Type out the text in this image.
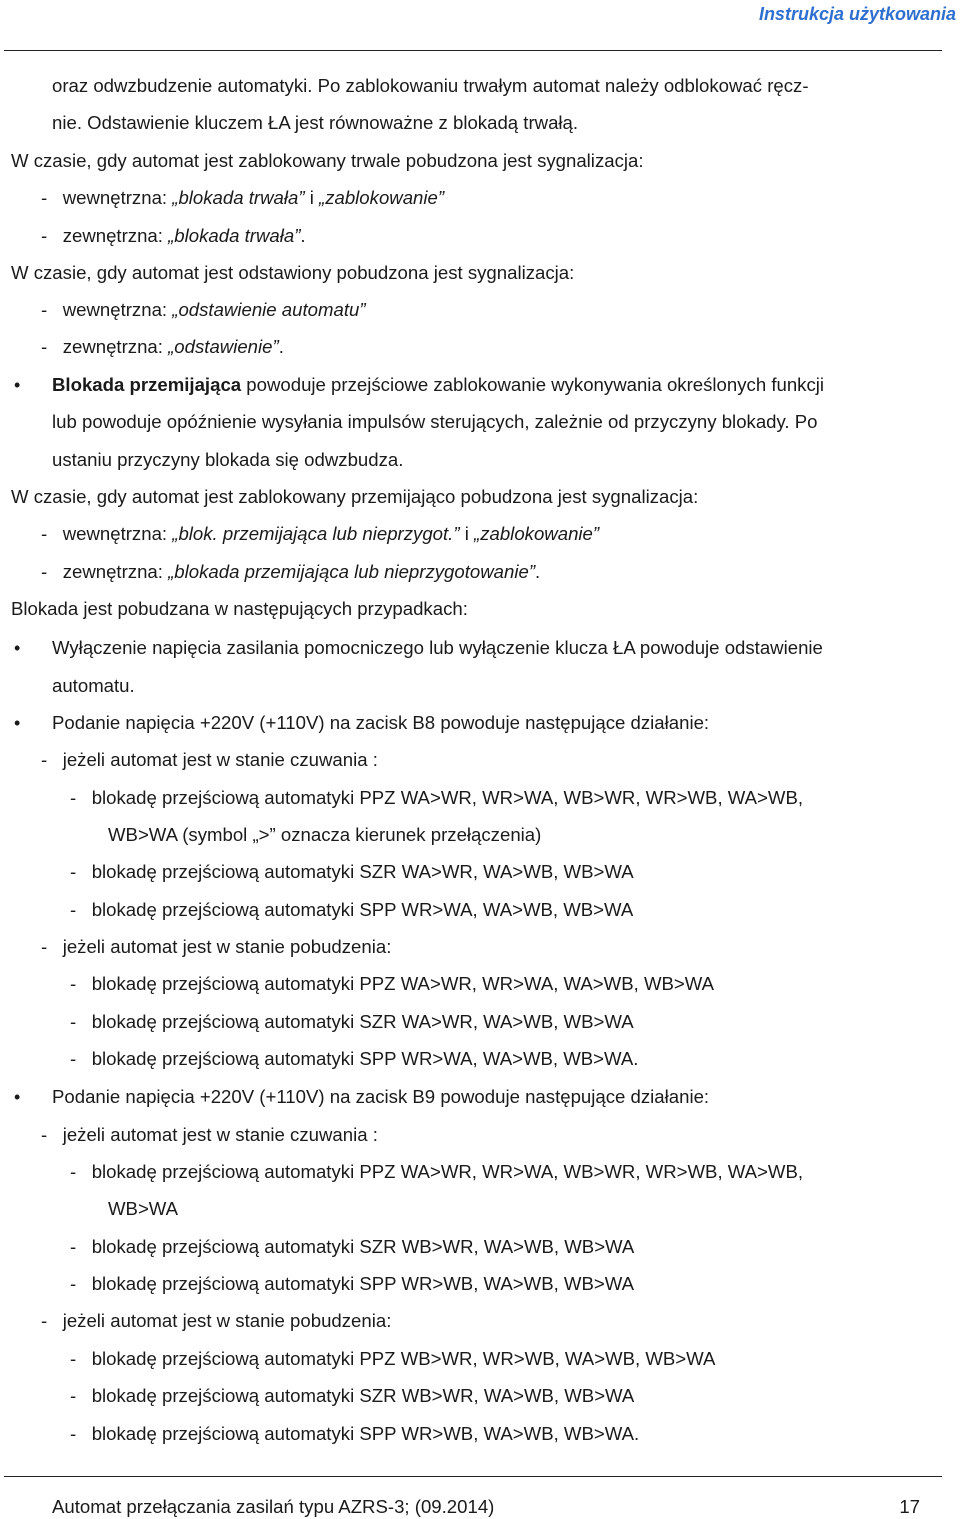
Instrukcja użytkowania
oraz odwzbudzenie automatyki. Po zablokowaniu trwałym automat należy odblokować ręcz-
nie. Odstawienie kluczem ŁA jest równoważne z blokadą trwałą.
W czasie, gdy automat jest zablokowany trwale pobudzona jest sygnalizacja:
-   wewnętrzna: „blokada trwała” i „zablokowanie”
-   zewnętrzna: „blokada trwała”.
W czasie, gdy automat jest odstawiony pobudzona jest sygnalizacja:
-   wewnętrzna: „odstawienie automatu”
-   zewnętrzna: „odstawienie”.
• Blokada przemijająca powoduje przejściowe zablokowanie wykonywania określonych funkcji
lub powoduje opóźnienie wysyłania impulsów sterujących, zależnie od przyczyny blokady. Po
ustaniu przyczyny blokada się odwzbudza.
W czasie, gdy automat jest zablokowany przemijająco pobudzona jest sygnalizacja:
-   wewnętrzna: „blok. przemijająca lub nieprzygot.” i „zablokowanie”
-   zewnętrzna: „blokada przemijająca lub nieprzygotowanie”.
Blokada jest pobudzana w następujących przypadkach:
• Wyłączenie napięcia zasilania pomocniczego lub wyłączenie klucza ŁA powoduje odstawienie
automatu.
• Podanie napięcia +220V (+110V) na zacisk B8 powoduje następujące działanie:
-   jeżeli automat jest w stanie czuwania :
-   blokadę przejściową automatyki PPZ WA>WR, WR>WA, WB>WR, WR>WB, WA>WB,
WB>WA (symbol „>” oznacza kierunek przełączenia)
-   blokadę przejściową automatyki SZR WA>WR, WA>WB, WB>WA
-   blokadę przejściową automatyki SPP WR>WA, WA>WB, WB>WA
-   jeżeli automat jest w stanie pobudzenia:
-   blokadę przejściową automatyki PPZ WA>WR, WR>WA, WA>WB, WB>WA
-   blokadę przejściową automatyki SZR WA>WR, WA>WB, WB>WA
-   blokadę przejściową automatyki SPP WR>WA, WA>WB, WB>WA.
• Podanie napięcia +220V (+110V) na zacisk B9 powoduje następujące działanie:
-   jeżeli automat jest w stanie czuwania :
-   blokadę przejściową automatyki PPZ WA>WR, WR>WA, WB>WR, WR>WB, WA>WB,
WB>WA
-   blokadę przejściową automatyki SZR WB>WR, WA>WB, WB>WA
-   blokadę przejściową automatyki SPP WR>WB, WA>WB, WB>WA
-   jeżeli automat jest w stanie pobudzenia:
-   blokadę przejściową automatyki PPZ WB>WR, WR>WB, WA>WB, WB>WA
-   blokadę przejściową automatyki SZR WB>WR, WA>WB, WB>WA
-   blokadę przejściową automatyki SPP WR>WB, WA>WB, WB>WA.
Automat przełączania zasilań typu AZRS-3; (09.2014)	17
